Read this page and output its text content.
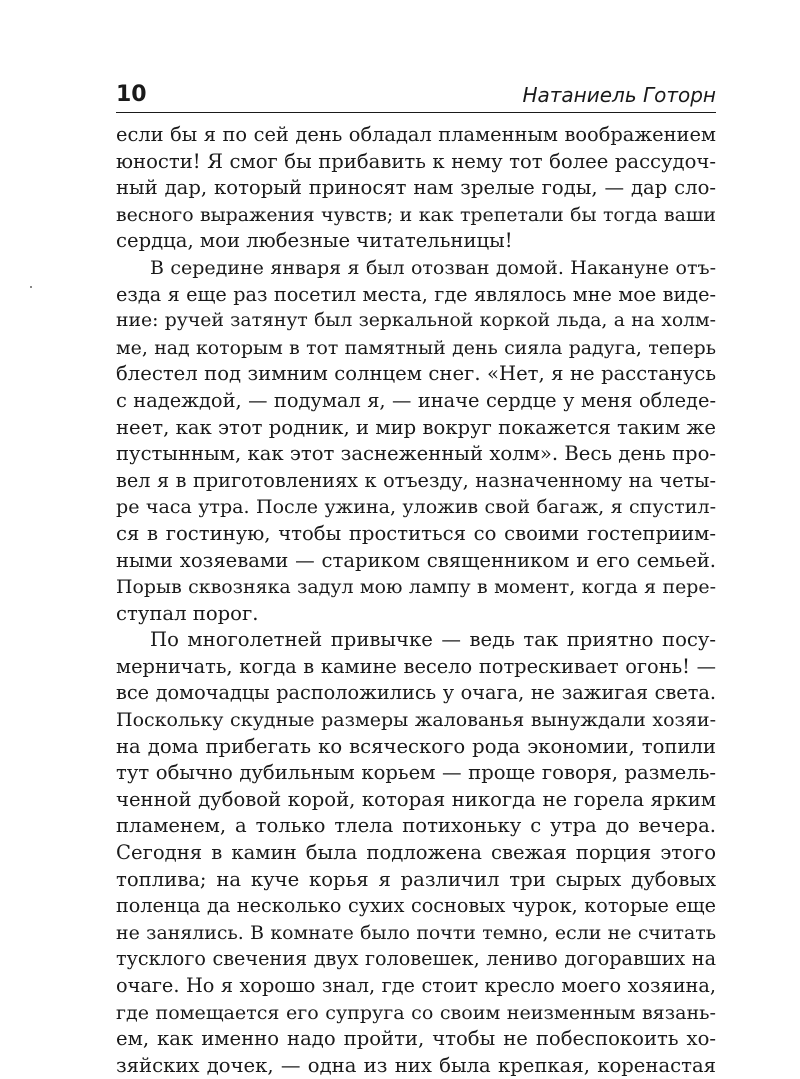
10	Натаниель Готорн
если бы я по сей день обладал пламенным воображением
юности! Я смог бы прибавить к нему тот более рассудоч-
ный дар, который приносят нам зрелые годы, — дар сло-
весного выражения чувств; и как трепетали бы тогда ваши
сердца, мои любезные читательницы!
В середине января я был отозван домой. Накануне отъ-
езда я еще раз посетил места, где являлось мне мое виде-
ние: ручей затянут был зеркальной коркой льда, а на холм-
ме, над которым в тот памятный день сияла радуга, теперь
блестел под зимним солнцем снег. «Нет, я не расстанусь
с надеждой, — подумал я, — иначе сердце у меня обледе-
неет, как этот родник, и мир вокруг покажется таким же
пустынным, как этот заснеженный холм». Весь день про-
вел я в приготовлениях к отъезду, назначенному на четы-
ре часа утра. После ужина, уложив свой багаж, я спустил-
ся в гостиную, чтобы проститься со своими гостеприим-
ными хозяевами — стариком священником и его семьей.
Порыв сквозняка задул мою лампу в момент, когда я пере-
ступал порог.
По многолетней привычке — ведь так приятно посу-
мерничать, когда в камине весело потрескивает огонь! —
все домочадцы расположились у очага, не зажигая света.
Поскольку скудные размеры жалованья вынуждали хозяи-
на дома прибегать ко всяческого рода экономии, топили
тут обычно дубильным корьем — проще говоря, размель-
ченной дубовой корой, которая никогда не горела ярким
пламенем, а только тлела потихоньку с утра до вечера.
Сегодня в камин была подложена свежая порция этого
топлива; на куче корья я различил три сырых дубовых
поленца да несколько сухих сосновых чурок, которые еще
не занялись. В комнате было почти темно, если не считать
тусклого свечения двух головешек, лениво догоравших на
очаге. Но я хорошо знал, где стоит кресло моего хозяина,
где помещается его супруга со своим неизменным вязань-
ем, как именно надо пройти, чтобы не побеспокоить хо-
зяйских дочек, — одна из них была крепкая, коренастая
